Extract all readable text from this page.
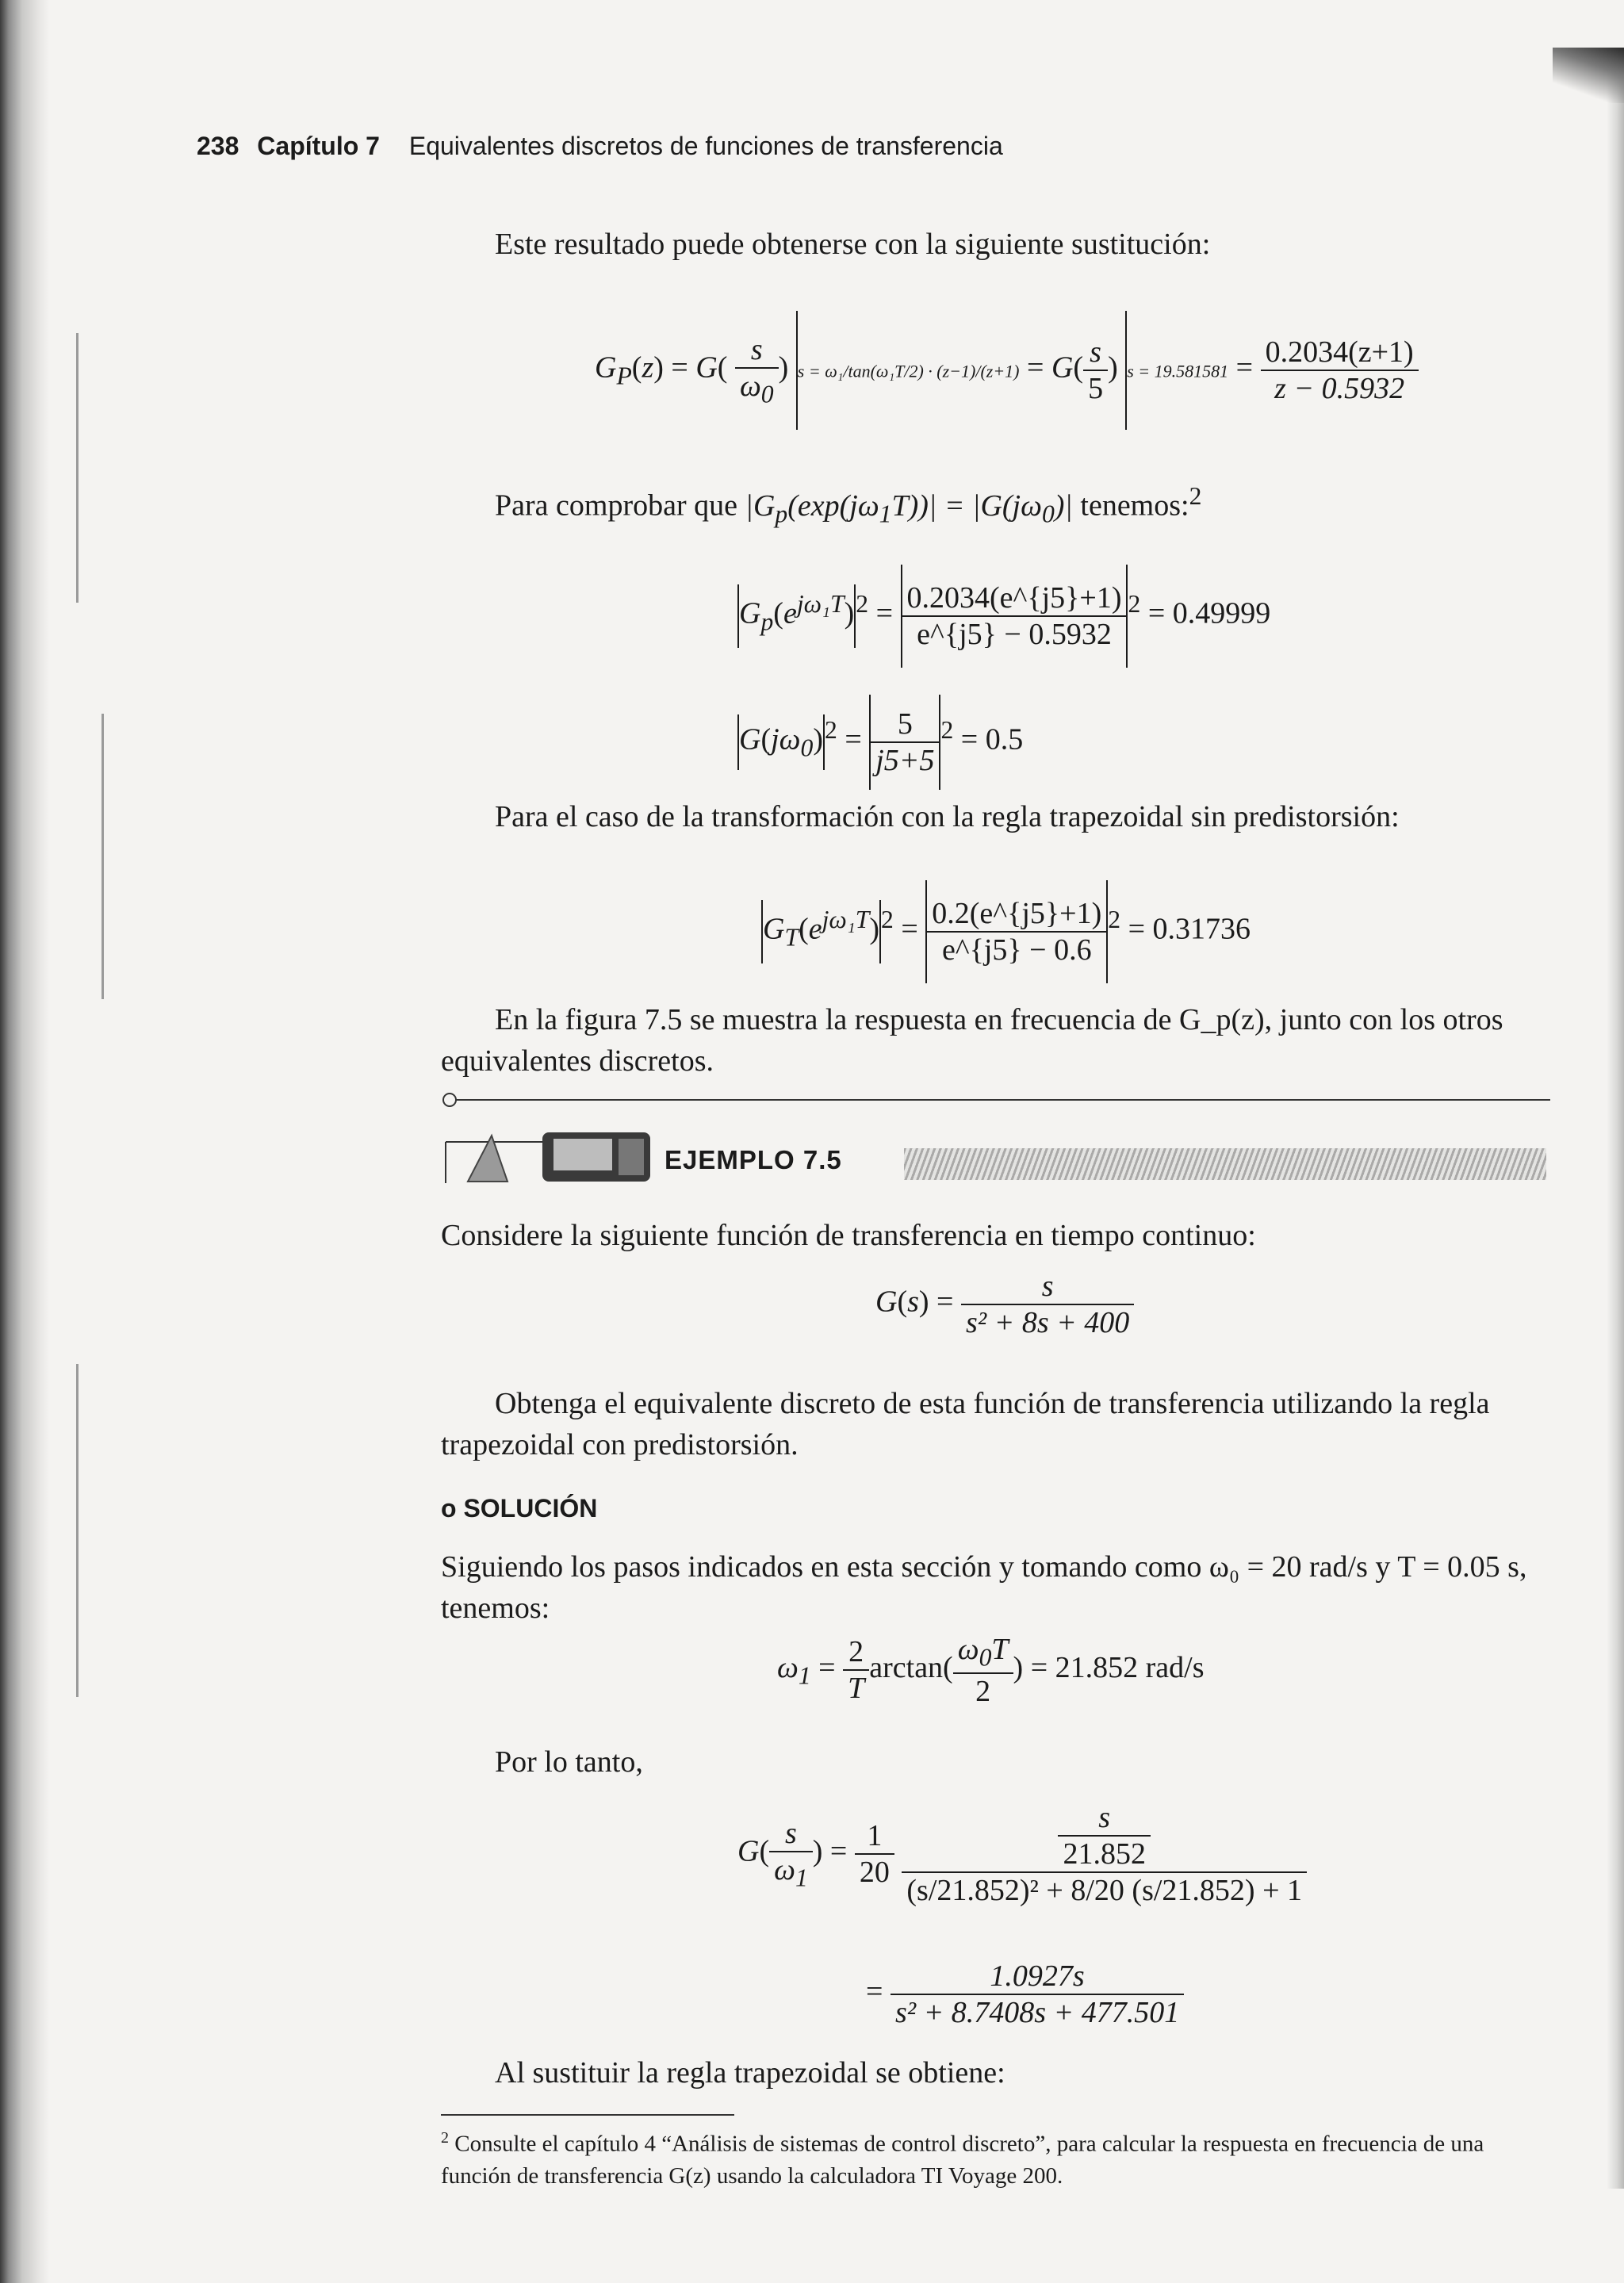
238 Capítulo 7 Equivalentes discretos de funciones de transferencia
Este resultado puede obtenerse con la siguiente sustitución:
$G_P(z) = G( \frac{s}{\omega_0}$ ) $s = \omega_1/\tan(\omega_1T/2) \cdot (z-1)/(z+1) = G( \frac{s}{5}$ ) $s = 19.581581 = \frac{0.2034(z+1)}{z - 0.5932}$
Para comprobar que $|G_p(\exp(j\omega_1T))| = |G(j\omega_0)|$ tenemos:$^2$
$G_p(e^{j\omega_1T})^2 = \frac{0.2034(e\^{}\{j5\}+1)}{e\^{}\{j5\} - 0.5932} ^2 = 0.49999$
$G(j\omega_0)^2 = \frac{5}{j5+5} ^2 = 0.5$
Para el caso de la transformación con la regla trapezoidal sin predistorsión:
$G_T(e^{j\omega_1T})^2 = \frac{0.2(e\^{}\{j5\}+1)}{e\^{}\{j5\} - 0.6} ^2 = 0.31736$
En la figura 7.5 se muestra la respuesta en frecuencia de G_p(z), junto con los otros equivalentes discretos.
EJEMPLO 7.5
Considere la siguiente función de transferencia en tiempo continuo:
$G(s) = \frac{s}{\text{s² + 8s + 400}}$
Obtenga el equivalente discreto de esta función de transferencia utilizando la regla trapezoidal con predistorsión.
o SOLUCIÓN
Siguiendo los pasos indicados en esta sección y tomando como ω₀ = 20 rad/s y T = 0.05 s, tenemos:
$\omega_1 = \frac{2}{T} \arctan( \frac{\omega_0T}{2}$ ) = 21.852 rad/s
Por lo tanto,
$G( \frac{s}{\omega_1}$ ) = $\frac{1}{20}$
$\frac{\frac{s}{21.852}}{\text{(s/21.852)² + 8/20 (s/21.852) + 1}}$
= $\frac{1.0927s}{\text{s² + 8.7408s + 477.501}}$
Al sustituir la regla trapezoidal se obtiene:
$^2$ Consulte el capítulo 4 “Análisis de sistemas de control discreto”, para calcular la respuesta en frecuencia de una función de transferencia G(z) usando la calculadora TI Voyage 200.
